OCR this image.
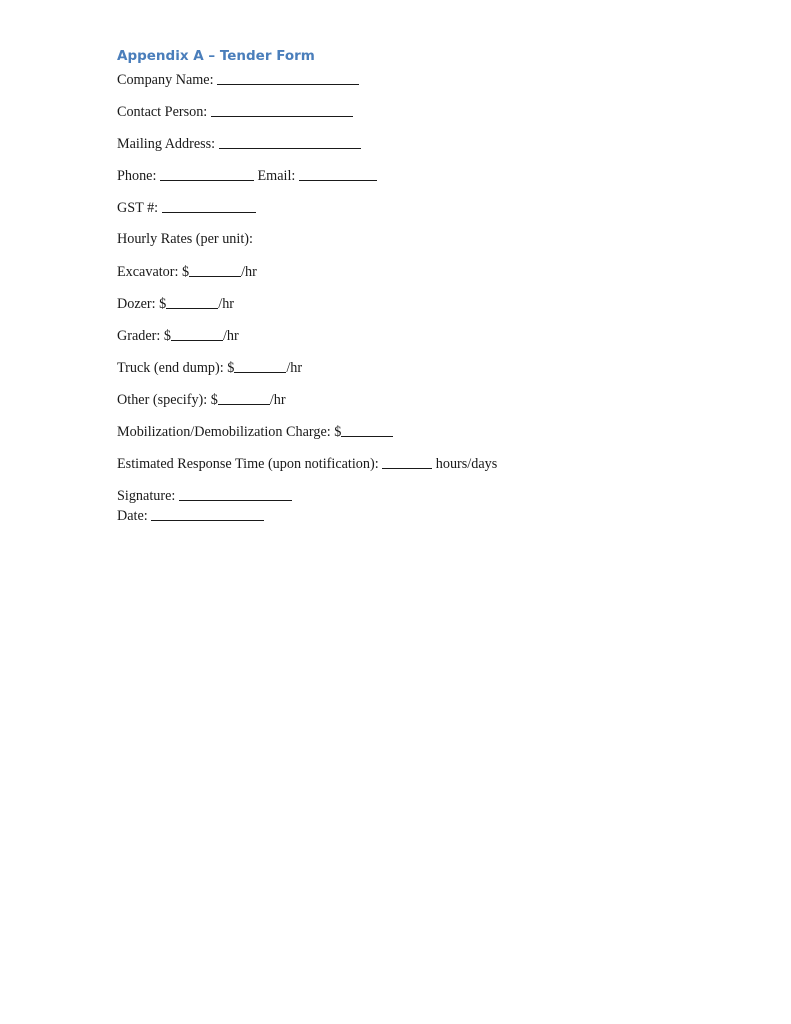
Appendix A – Tender Form
Company Name:
Contact Person:
Mailing Address:
Phone:	Email:
GST #:
Hourly Rates (per unit):
Excavator: $	/hr
Dozer: $	/hr
Grader: $	/hr
Truck (end dump): $	/hr
Other (specify): $	/hr
Mobilization/Demobilization Charge: $
Estimated Response Time (upon notification):	hours/days
Signature:
Date:
